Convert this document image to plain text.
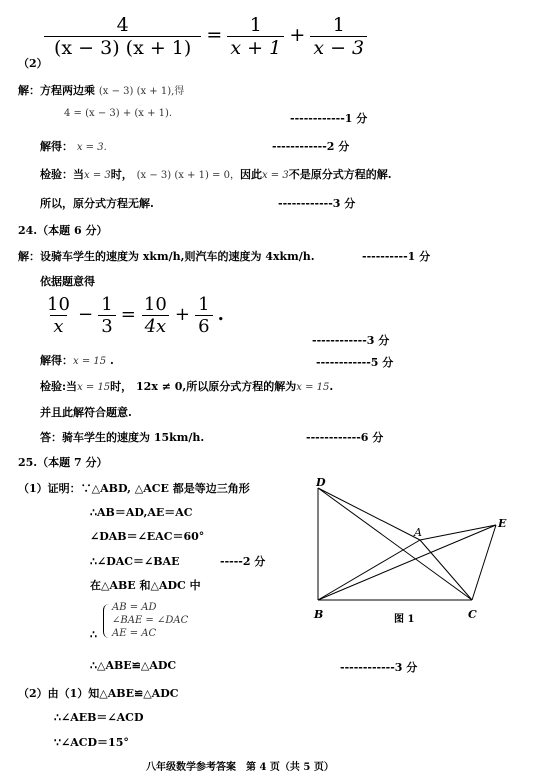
$\frac{4}{(x - 3) (x + 1)} = \frac{1}{x + 1} + \frac{1}{x - 3}$
（2）
解：方程两边乘 (x − 3) (x + 1),得
4 = (x − 3) + (x + 1).	------------1 分
解得： x = 3.	------------2 分
检验：当x = 3时， (x − 3) (x + 1) = 0，因此x = 3不是原分式方程的解.
所以，原分式方程无解.	------------3 分
24.（本题 6 分）
解：设骑车学生的速度为 xkm/h,则汽车的速度为 4xkm/h.	----------1 分
依据题意得
$\frac{10}{x} - \frac{1}{3} = \frac{10}{4x} + \frac{1}{6}$ .
------------3 分
解得：x = 15 .	------------5 分
检验:当x = 15时， 12x ≠ 0,所以原分式方程的解为x = 15.
并且此解符合题意.
答：骑车学生的速度为 15km/h.	------------6 分
25.（本题 7 分）
（1）证明：∵△ABD, △ACE 都是等边三角形
∴AB＝AD,AE＝AC
∠DAB＝∠EAC＝60°
∴∠DAC＝∠BAE	-----2 分
在△ABE 和△ADC 中
AB = AD
∠BAE = ∠DAC
AE = AC
∴
∴△ABE≌△ADC	------------3 分
（2）由（1）知△ABE≌△ADC
∴∠AEB＝∠ACD
∵∠ACD＝15°
D
A
E
B	C
图 1
八年级数学参考答案　第 4 页（共 5 页）
